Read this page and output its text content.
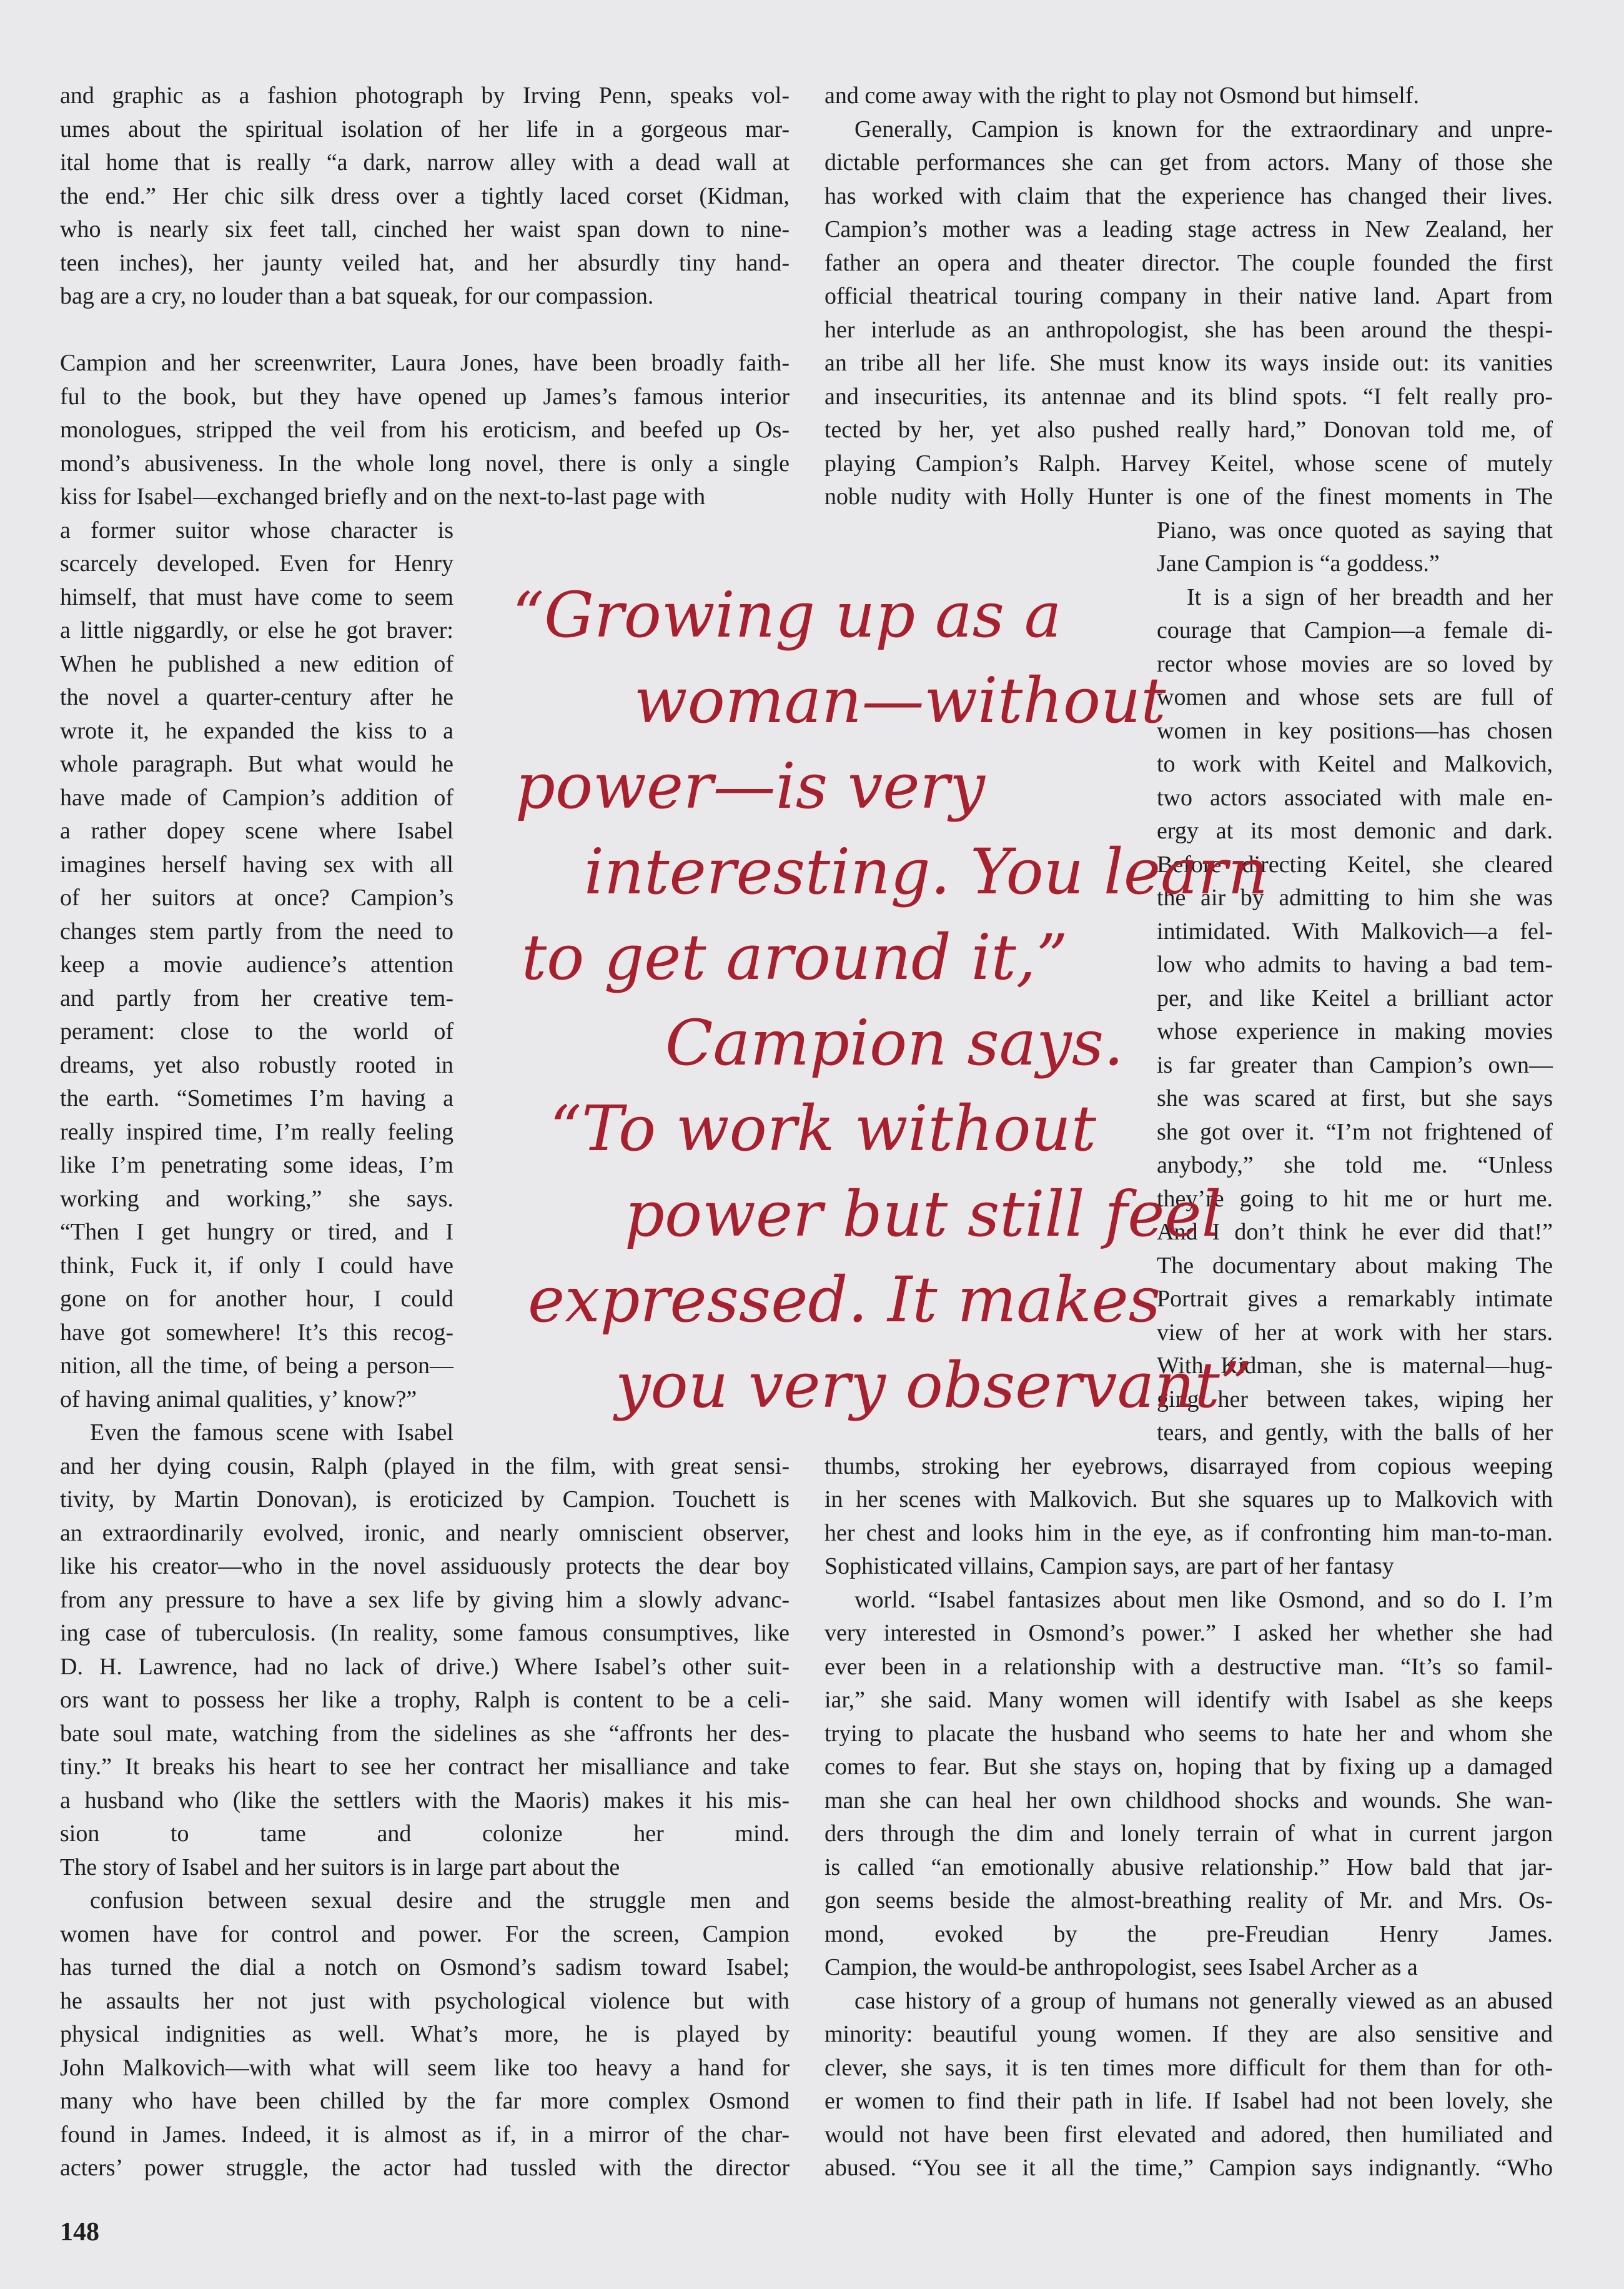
and graphic as a fashion photograph by Irving Penn, speaks vol-
umes about the spiritual isolation of her life in a gorgeous mar-
ital home that is really “a dark, narrow alley with a dead wall at
the end.” Her chic silk dress over a tightly laced corset (Kidman,
who is nearly six feet tall, cinched her waist span down to nine-
teen inches), her jaunty veiled hat, and her absurdly tiny hand-
bag are a cry, no louder than a bat squeak, for our compassion.
Campion and her screenwriter, Laura Jones, have been broadly faith-
ful to the book, but they have opened up James’s famous interior
monologues, stripped the veil from his eroticism, and beefed up Os-
mond’s abusiveness. In the whole long novel, there is only a single
kiss for Isabel—exchanged briefly and on the next-to-last page with
a former suitor whose character is
scarcely developed. Even for Henry
himself, that must have come to seem
a little niggardly, or else he got braver:
When he published a new edition of
the novel a quarter-century after he
wrote it, he expanded the kiss to a
whole paragraph. But what would he
have made of Campion’s addition of
a rather dopey scene where Isabel
imagines herself having sex with all
of her suitors at once? Campion’s
changes stem partly from the need to
keep a movie audience’s attention
and partly from her creative tem-
perament: close to the world of
dreams, yet also robustly rooted in
the earth. “Sometimes I’m having a
really inspired time, I’m really feeling
like I’m penetrating some ideas, I’m
working and working,” she says.
“Then I get hungry or tired, and I
think, Fuck it, if only I could have
gone on for another hour, I could
have got somewhere! It’s this recog-
nition, all the time, of being a person—
of having animal qualities, y’ know?”
Even the famous scene with Isabel
and her dying cousin, Ralph (played in the film, with great sensi-
tivity, by Martin Donovan), is eroticized by Campion. Touchett is
an extraordinarily evolved, ironic, and nearly omniscient observer,
like his creator—who in the novel assiduously protects the dear boy
from any pressure to have a sex life by giving him a slowly advanc-
ing case of tuberculosis. (In reality, some famous consumptives, like
D. H. Lawrence, had no lack of drive.) Where Isabel’s other suit-
ors want to possess her like a trophy, Ralph is content to be a celi-
bate soul mate, watching from the sidelines as she “affronts her des-
tiny.” It breaks his heart to see her contract her misalliance and take
a husband who (like the settlers with the Maoris) makes it his mis-
sion to tame and colonize her mind.
The story of Isabel and her suitors is in large part about the
confusion between sexual desire and the struggle men and
women have for control and power. For the screen, Campion
has turned the dial a notch on Osmond’s sadism toward Isabel;
he assaults her not just with psychological violence but with
physical indignities as well. What’s more, he is played by
John Malkovich—with what will seem like too heavy a hand for
many who have been chilled by the far more complex Osmond
found in James. Indeed, it is almost as if, in a mirror of the char-
acters’ power struggle, the actor had tussled with the director
and come away with the right to play not Osmond but himself.
Generally, Campion is known for the extraordinary and unpre-
dictable performances she can get from actors. Many of those she
has worked with claim that the experience has changed their lives.
Campion’s mother was a leading stage actress in New Zealand, her
father an opera and theater director. The couple founded the first
official theatrical touring company in their native land. Apart from
her interlude as an anthropologist, she has been around the thespi-
an tribe all her life. She must know its ways inside out: its vanities
and insecurities, its antennae and its blind spots. “I felt really pro-
tected by her, yet also pushed really hard,” Donovan told me, of
playing Campion’s Ralph. Harvey Keitel, whose scene of mutely
noble nudity with Holly Hunter is one of the finest moments in The
Piano, was once quoted as saying that
Jane Campion is “a goddess.”
It is a sign of her breadth and her
courage that Campion—a female di-
rector whose movies are so loved by
women and whose sets are full of
women in key positions—has chosen
to work with Keitel and Malkovich,
two actors associated with male en-
ergy at its most demonic and dark.
Before directing Keitel, she cleared
the air by admitting to him she was
intimidated. With Malkovich—a fel-
low who admits to having a bad tem-
per, and like Keitel a brilliant actor
whose experience in making movies
is far greater than Campion’s own—
she was scared at first, but she says
she got over it. “I’m not frightened of
anybody,” she told me. “Unless
they’re going to hit me or hurt me.
And I don’t think he ever did that!”
The documentary about making The
Portrait gives a remarkably intimate
view of her at work with her stars.
With Kidman, she is maternal—hug-
ging her between takes, wiping her
tears, and gently, with the balls of her
thumbs, stroking her eyebrows, disarrayed from copious weeping
in her scenes with Malkovich. But she squares up to Malkovich with
her chest and looks him in the eye, as if confronting him man-to-man.
Sophisticated villains, Campion says, are part of her fantasy
world. “Isabel fantasizes about men like Osmond, and so do I. I’m
very interested in Osmond’s power.” I asked her whether she had
ever been in a relationship with a destructive man. “It’s so famil-
iar,” she said. Many women will identify with Isabel as she keeps
trying to placate the husband who seems to hate her and whom she
comes to fear. But she stays on, hoping that by fixing up a damaged
man she can heal her own childhood shocks and wounds. She wan-
ders through the dim and lonely terrain of what in current jargon
is called “an emotionally abusive relationship.” How bald that jar-
gon seems beside the almost-breathing reality of Mr. and Mrs. Os-
mond, evoked by the pre-Freudian Henry James.
Campion, the would-be anthropologist, sees Isabel Archer as a
case history of a group of humans not generally viewed as an abused
minority: beautiful young women. If they are also sensitive and
clever, she says, it is ten times more difficult for them than for oth-
er women to find their path in life. If Isabel had not been lovely, she
would not have been first elevated and adored, then humiliated and
abused. “You see it all the time,” Campion says indignantly. “Who
“Growing up as a
woman—without
power—is very
interesting. You learn
to get around it,”
Campion says.
“To work without
power but still feel
expressed. It makes
you very observant”
148
